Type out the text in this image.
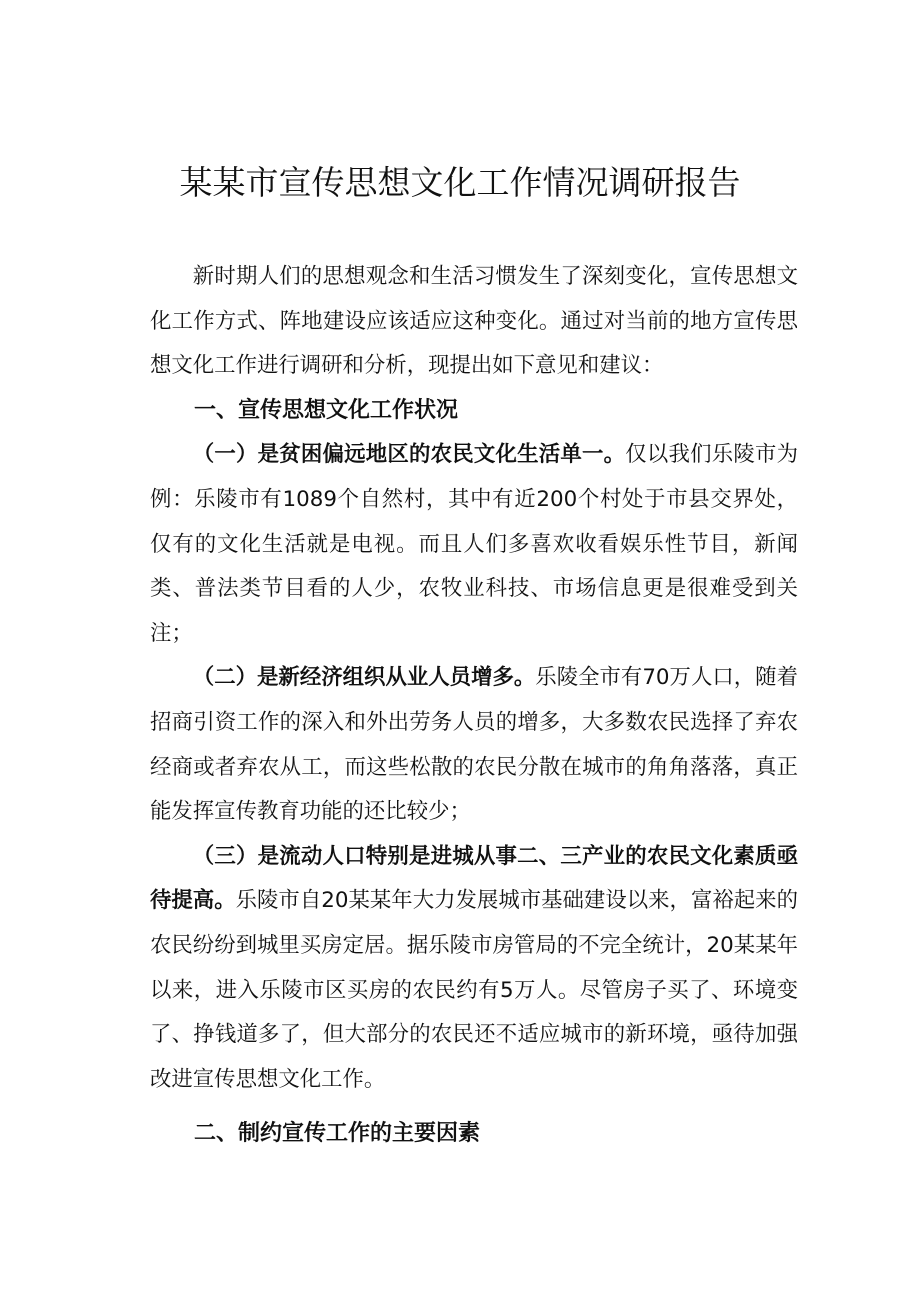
某某市宣传思想文化工作情况调研报告

新时期人们的思想观念和生活习惯发生了深刻变化，宣传思想文化工作方式、阵地建设应该适应这种变化。通过对当前的地方宣传思想文化工作进行调研和分析，现提出如下意见和建议：

一、宣传思想文化工作状况

（一）是贫困偏远地区的农民文化生活单一。仅以我们乐陵市为例：乐陵市有1089个自然村，其中有近200个村处于市县交界处，仅有的文化生活就是电视。而且人们多喜欢收看娱乐性节目，新闻类、普法类节目看的人少，农牧业科技、市场信息更是很难受到关注；

（二）是新经济组织从业人员增多。乐陵全市有70万人口，随着招商引资工作的深入和外出劳务人员的增多，大多数农民选择了弃农经商或者弃农从工，而这些松散的农民分散在城市的角角落落，真正能发挥宣传教育功能的还比较少；

（三）是流动人口特别是进城从事二、三产业的农民文化素质亟待提高。乐陵市自20某某年大力发展城市基础建设以来，富裕起来的农民纷纷到城里买房定居。据乐陵市房管局的不完全统计，20某某年以来，进入乐陵市区买房的农民约有5万人。尽管房子买了、环境变了、挣钱道多了，但大部分的农民还不适应城市的新环境，亟待加强改进宣传思想文化工作。

二、制约宣传工作的主要因素
